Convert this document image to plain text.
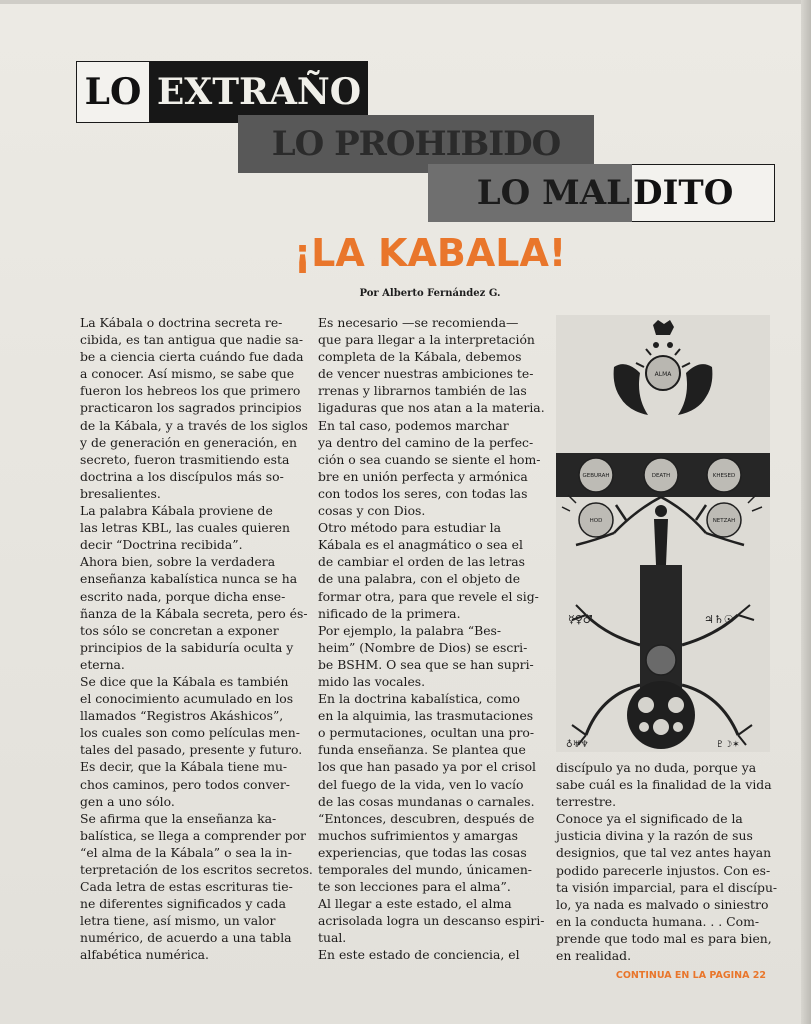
LO EXTRAÑO
LO PROHIBIDO
LO MAL DITO
¡LA KABALA!
Por Alberto Fernández G.
La Kábala o doctrina secreta re-
cibida, es tan antigua que nadie sa-
be a ciencia cierta cuándo fue dada
a conocer. Así mismo, se sabe que
fueron los hebreos los que primero
practicaron los sagrados principios
de la Kábala, y a través de los siglos
y de generación en generación, en
secreto, fueron trasmitiendo esta
doctrina a los discípulos más so-
bresalientes.
La palabra Kábala proviene de
las letras KBL, las cuales quieren
decir “Doctrina recibida”.
Ahora bien, sobre la verdadera
enseñanza kabalística nunca se ha
escrito nada, porque dicha ense-
ñanza de la Kábala secreta, pero és-
tos sólo se concretan a exponer
principios de la sabiduría oculta y
eterna.
Se dice que la Kábala es también
el conocimiento acumulado en los
llamados “Registros Akáshicos”,
los cuales son como películas men-
tales del pasado, presente y futuro.
Es decir, que la Kábala tiene mu-
chos caminos, pero todos conver-
gen a uno sólo.
Se afirma que la enseñanza ka-
balística, se llega a comprender por
“el alma de la Kábala” o sea la in-
terpretación de los escritos secretos.
Cada letra de estas escrituras tie-
ne diferentes significados y cada
letra tiene, así mismo, un valor
numérico, de acuerdo a una tabla
alfabética numérica.
Es necesario —se recomienda—
que para llegar a la interpretación
completa de la Kábala, debemos
de vencer nuestras ambiciones te-
rrenas y librarnos también de las
ligaduras que nos atan a la materia.
En tal caso, podemos marchar
ya dentro del camino de la perfec-
ción o sea cuando se siente el hom-
bre en unión perfecta y armónica
con todos los seres, con todas las
cosas y con Dios.
Otro método para estudiar la
Kábala es el anagmático o sea el
de cambiar el orden de las letras
de una palabra, con el objeto de
formar otra, para que revele el sig-
nificado de la primera.
Por ejemplo, la palabra “Bes-
heim” (Nombre de Dios) se escri-
be BSHM. O sea que se han supri-
mido las vocales.
En la doctrina kabalística, como
en la alquimia, las trasmutaciones
o permutaciones, ocultan una pro-
funda enseñanza. Se plantea que
los que han pasado ya por el crisol
del fuego de la vida, ven lo vacío
de las cosas mundanas o carnales.
“Entonces, descubren, después de
muchos sufrimientos y amargas
experiencias, que todas las cosas
temporales del mundo, únicamen-
te son lecciones para el alma”.
Al llegar a este estado, el alma
acrisolada logra un descanso espiri-
tual.
En este estado de conciencia, el
ALMA
GEBURAH	DEATH	KHESED
HOD	NETZAH
☿♀♂	♃♄☉
♁♅♆	♇☽✶
discípulo ya no duda, porque ya
sabe cuál es la finalidad de la vida
terrestre.
Conoce ya el significado de la
justicia divina y la razón de sus
designios, que tal vez antes hayan
podido parecerle injustos. Con es-
ta visión imparcial, para el discípu-
lo, ya nada es malvado o siniestro
en la conducta humana. . . Com-
prende que todo mal es para bien,
en realidad.
CONTINUA EN LA PAGINA 22
